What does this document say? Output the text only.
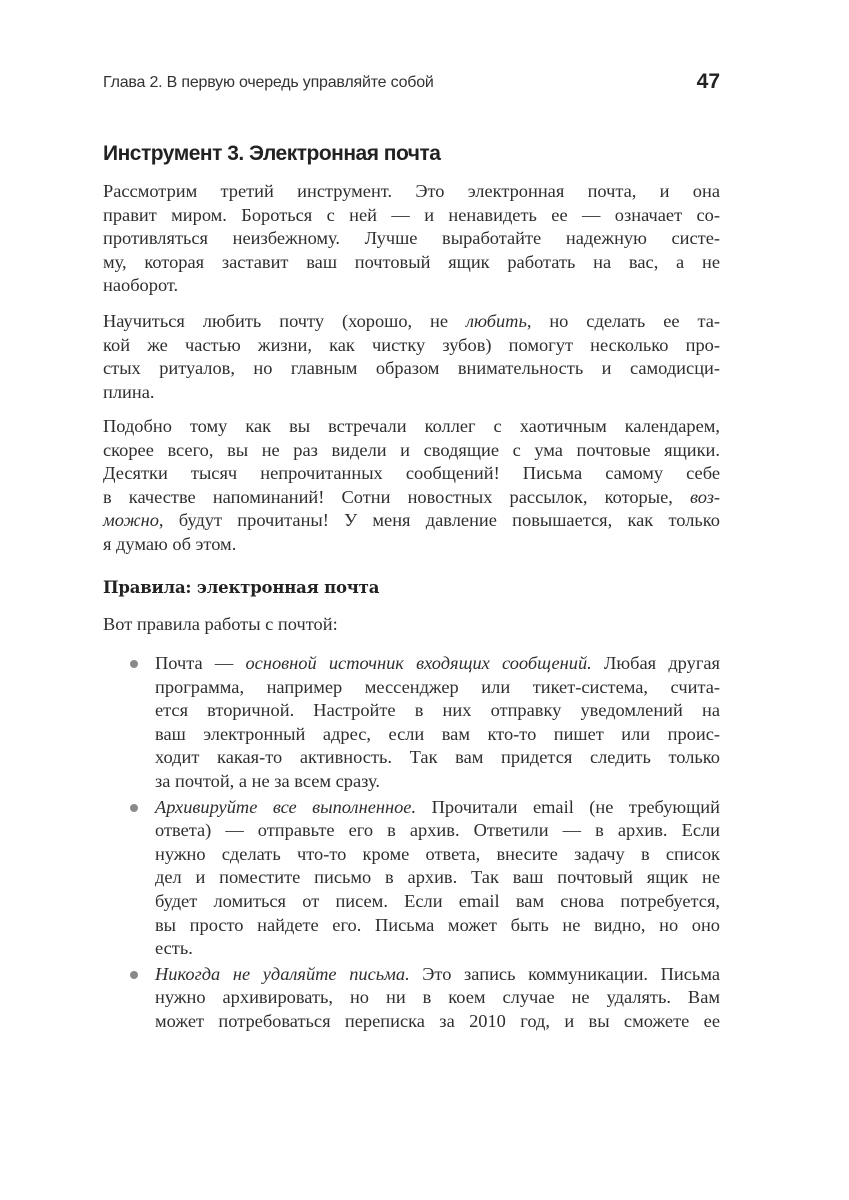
Глава 2. В первую очередь управляйте собой	47
Инструмент 3. Электронная почта

Рассмотрим третий инструмент. Это электронная почта, и она
правит миром. Бороться с ней — и ненавидеть ее — означает со-
противляться неизбежному. Лучше выработайте надежную систе-
му, которая заставит ваш почтовый ящик работать на вас, а не
наоборот.

Научиться любить почту (хорошо, не любить, но сделать ее та-
кой же частью жизни, как чистку зубов) помогут несколько про-
стых ритуалов, но главным образом внимательность и самодисци-
плина.

Подобно тому как вы встречали коллег с хаотичным календарем,
скорее всего, вы не раз видели и сводящие с ума почтовые ящики.
Десятки тысяч непрочитанных сообщений! Письма самому себе
в качестве напоминаний! Сотни новостных рассылок, которые, воз-
можно, будут прочитаны! У меня давление повышается, как только
я думаю об этом.

Правила: электронная почта

Вот правила работы с почтой:

Почта — основной источник входящих сообщений. Любая другая
программа, например мессенджер или тикет-система, счита-
ется вторичной. Настройте в них отправку уведомлений на
ваш электронный адрес, если вам кто-то пишет или проис-
ходит какая-то активность. Так вам придется следить только
за почтой, а не за всем сразу.
Архивируйте все выполненное. Прочитали email (не требующий
ответа) — отправьте его в архив. Ответили — в архив. Если
нужно сделать что-то кроме ответа, внесите задачу в список
дел и поместите письмо в архив. Так ваш почтовый ящик не
будет ломиться от писем. Если email вам снова потребуется,
вы просто найдете его. Письма может быть не видно, но оно
есть.
Никогда не удаляйте письма. Это запись коммуникации. Письма
нужно архивировать, но ни в коем случае не удалять. Вам
может потребоваться переписка за 2010 год, и вы сможете ее
